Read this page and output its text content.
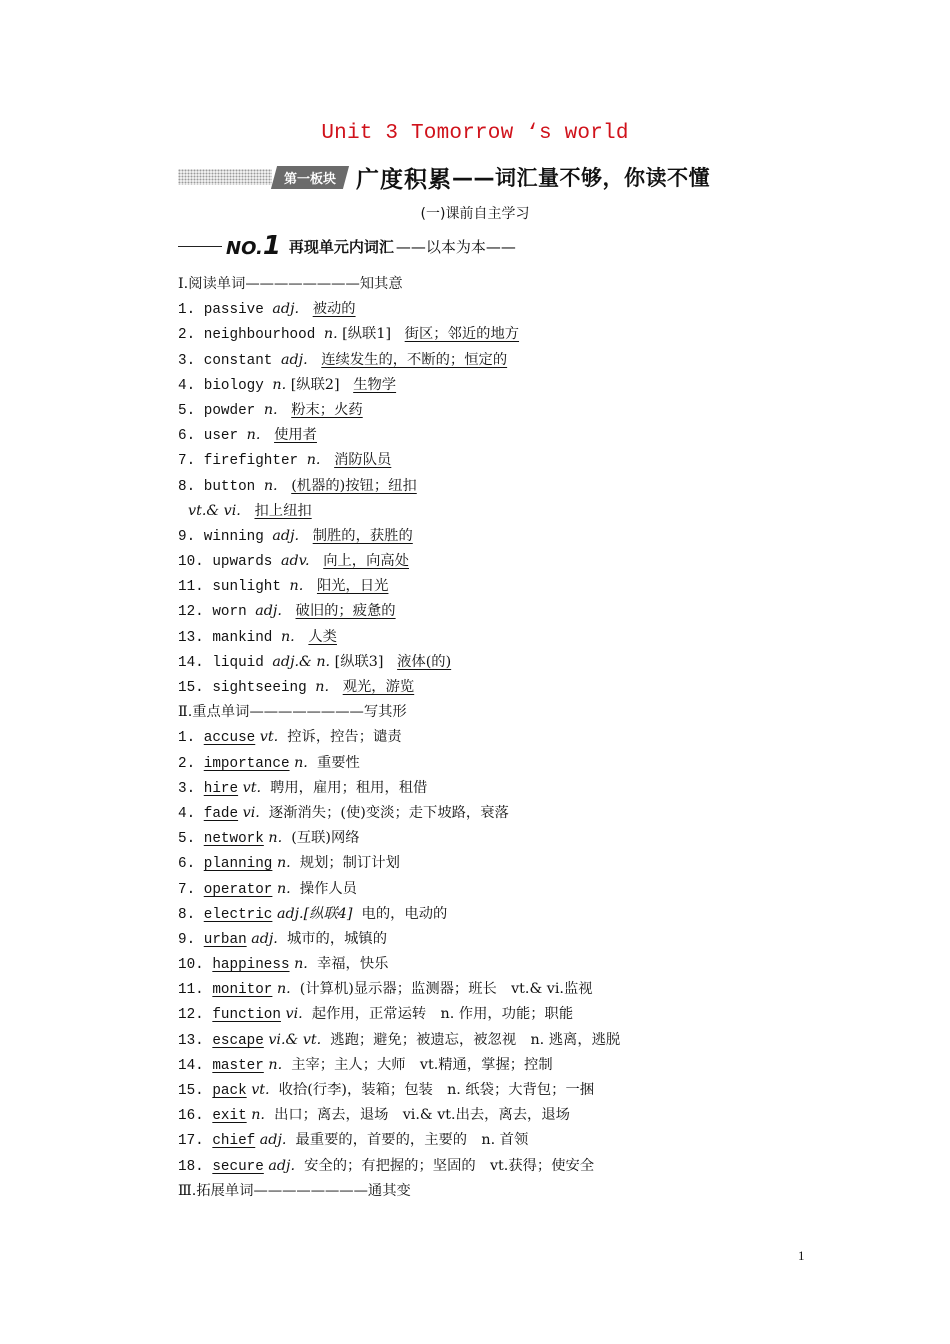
Unit 3 Tomorrow ‘s world
第一板块 广度积累 ——词汇量不够，你读不懂
(一)课前自主学习
NO.1 再现单元内词汇 ——以本为本——
Ⅰ.阅读单词————————知其意
1. passive adj. 被动的
2. neighbourhood n. [纵联1] 街区；邻近的地方
3. constant adj. 连续发生的，不断的；恒定的
4. biology n. [纵联2] 生物学
5. powder n. 粉末；火药
6. user n. 使用者
7. firefighter n. 消防队员
8. button n. (机器的)按钮；纽扣
vt.& vi. 扣上纽扣
9. winning adj. 制胜的，获胜的
10. upwards adv. 向上，向高处
11. sunlight n. 阳光，日光
12. worn adj. 破旧的；疲惫的
13. mankind n. 人类
14. liquid adj.& n. [纵联3] 液体(的)
15. sightseeing n. 观光，游览
Ⅱ.重点单词————————写其形
1. accuse vt. 控诉，控告；谴责
2. importance n. 重要性
3. hire vt. 聘用，雇用；租用，租借
4. fade vi. 逐渐消失；(使)变淡；走下坡路，衰落
5. network n. (互联)网络
6. planning n. 规划；制订计划
7. operator n. 操作人员
8. electric adj.[纵联4] 电的，电动的
9. urban adj. 城市的，城镇的
10. happiness n. 幸福，快乐
11. monitor n. (计算机)显示器；监测器；班长　vt.& vi.监视
12. function vi. 起作用，正常运转　n. 作用，功能；职能
13. escape vi.& vt. 逃跑；避免；被遗忘，被忽视　n. 逃离，逃脱
14. master n. 主宰；主人；大师　vt.精通，掌握；控制
15. pack vt. 收拾(行李)，装箱；包装　n. 纸袋；大背包；一捆
16. exit n. 出口；离去，退场　vi.& vt.出去，离去，退场
17. chief adj. 最重要的，首要的，主要的　n. 首领
18. secure adj. 安全的；有把握的；坚固的　vt.获得；使安全
Ⅲ.拓展单词————————通其变
1
